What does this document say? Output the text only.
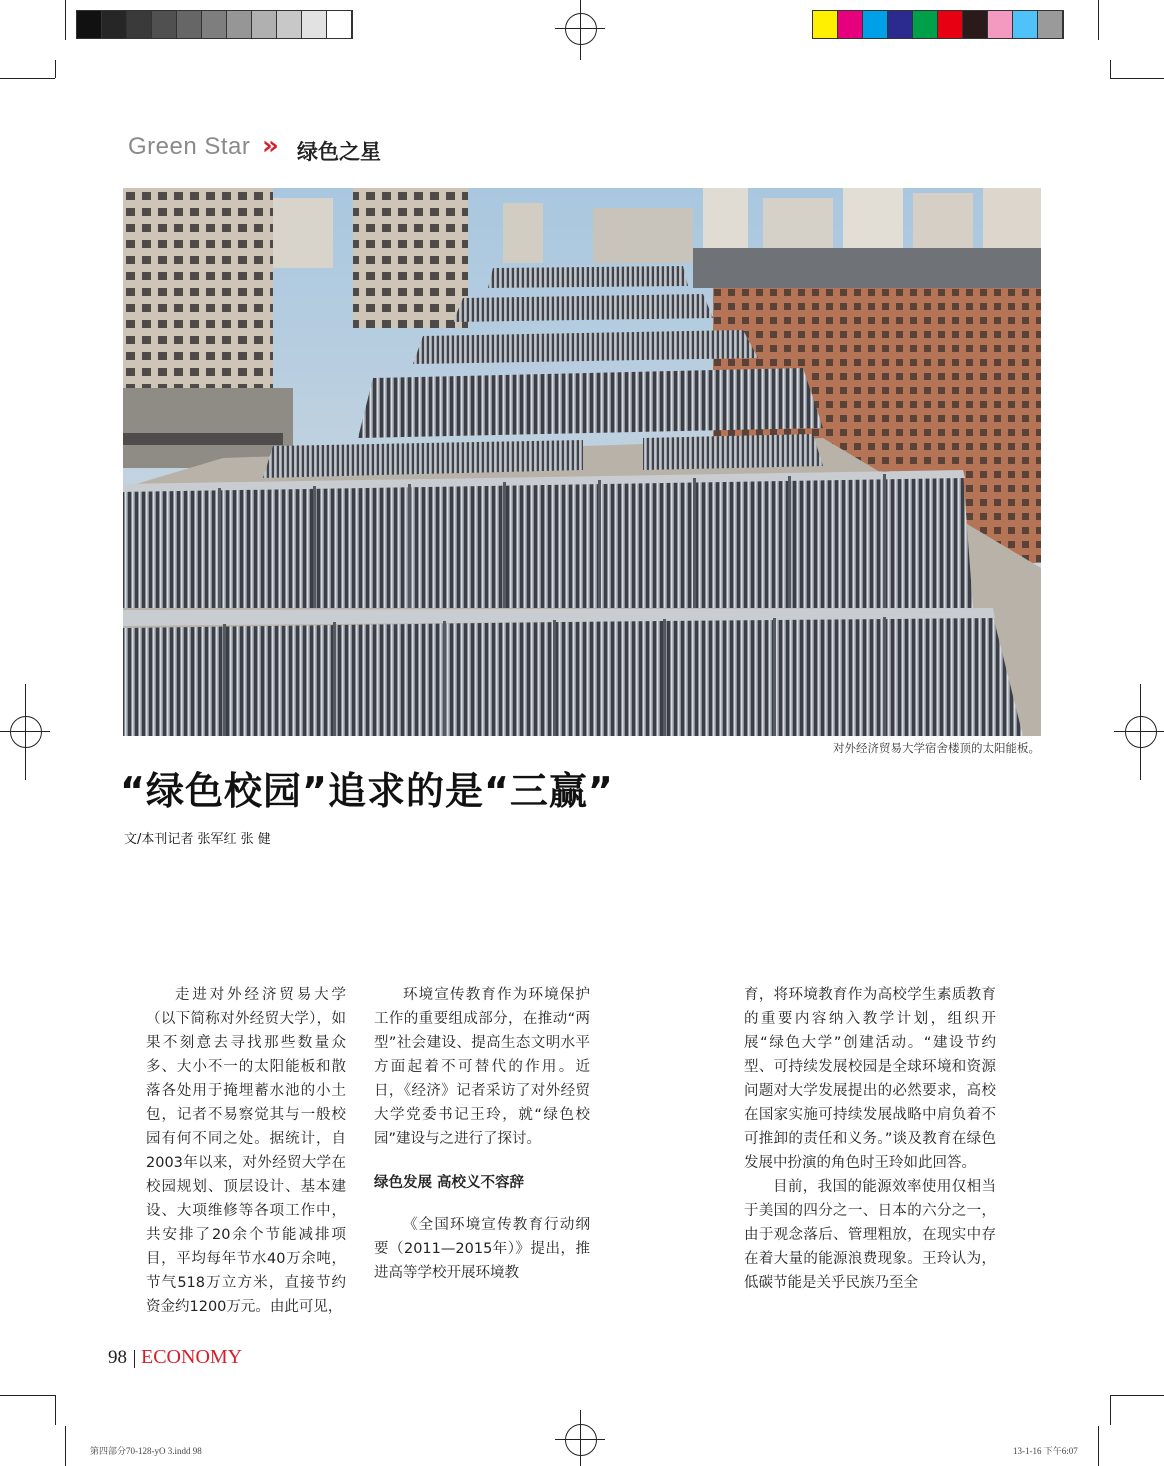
Green Star » 绿色之星
对外经济贸易大学宿舍楼顶的太阳能板。
“绿色校园”追求的是“三赢”
文/本刊记者 张军红 张 健

走进对外经济贸易大学（以下简称对外经贸大学），如果不刻意去寻找那些数量众多、大小不一的太阳能板和散落各处用于掩埋蓄水池的小土包，记者不易察觉其与一般校园有何不同之处。据统计，自2003年以来，对外经贸大学在校园规划、顶层设计、基本建设、大项维修等各项工作中，共安排了20余个节能减排项目，平均每年节水40万余吨，节气518万立方米，直接节约资金约1200万元。由此可见，

环境宣传教育作为环境保护工作的重要组成部分，在推动“两型”社会建设、提高生态文明水平方面起着不可替代的作用。近日，《经济》记者采访了对外经贸大学党委书记王玲，就“绿色校园”建设与之进行了探讨。

绿色发展 高校义不容辞

《全国环境宣传教育行动纲要（2011—2015年）》提出，推进高等学校开展环境教

育，将环境教育作为高校学生素质教育的重要内容纳入教学计划，组织开展“绿色大学”创建活动。“建设节约型、可持续发展校园是全球环境和资源问题对大学发展提出的必然要求，高校在国家实施可持续发展战略中肩负着不可推卸的责任和义务。”谈及教育在绿色发展中扮演的角色时王玲如此回答。

目前，我国的能源效率使用仅相当于美国的四分之一、日本的六分之一，由于观念落后、管理粗放，在现实中存在着大量的能源浪费现象。王玲认为，低碳节能是关乎民族乃至全

98 ECONOMY
第四部分70-128-yO 3.indd 98	13-1-16 下午6:07
